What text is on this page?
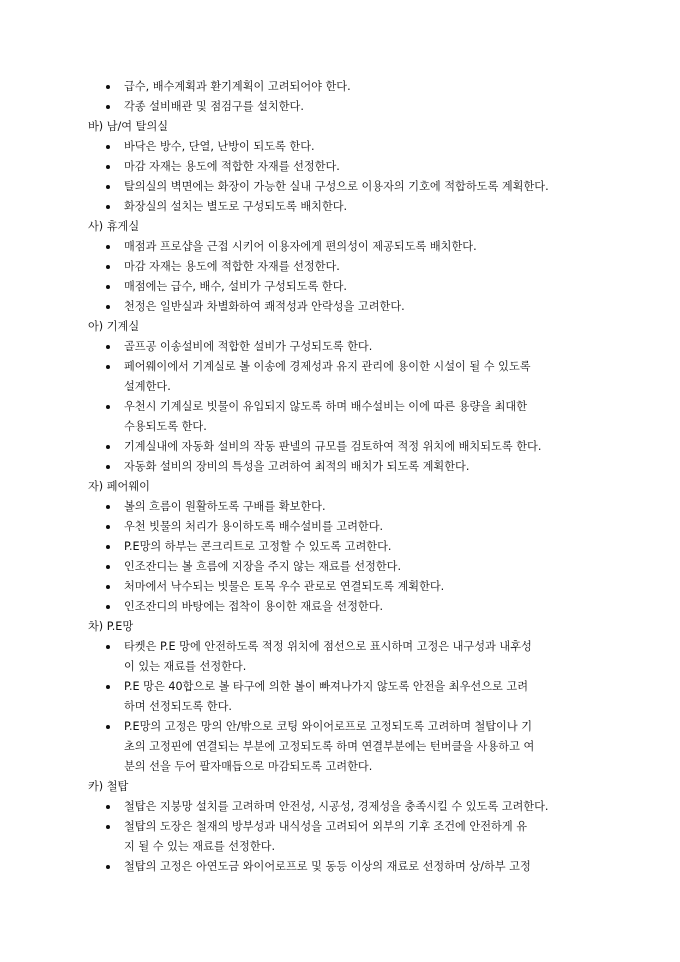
급수, 배수계획과 환기계획이 고려되어야 한다.
각종 설비배관 및 점검구를 설치한다.
바) 남/여 탈의실
바닥은 방수, 단열, 난방이 되도록 한다.
마감 자재는 용도에 적합한 자재를 선정한다.
탈의실의 벽면에는 화장이 가능한 실내 구성으로 이용자의 기호에 적합하도록 계획한다.
화장실의 설치는 별도로 구성되도록 배치한다.
사) 휴게실
매점과 프로샵을 근접 시키어 이용자에게 편의성이 제공되도록 배치한다.
마감 자재는 용도에 적합한 자재를 선정한다.
매점에는 급수, 배수, 설비가 구성되도록 한다.
천정은 일반실과 차별화하여 쾌적성과 안락성을 고려한다.
아) 기계실
골프공 이송설비에 적합한 설비가 구성되도록 한다.
페어웨이에서 기계실로 볼 이송에 경제성과 유지 관리에 용이한 시설이 될 수 있도록
설계한다.
우천시 기계실로 빗물이 유입되지 않도록 하며 배수설비는 이에 따른 용량을 최대한
수용되도록 한다.
기계실내에 자동화 설비의 작동 판넬의 규모를 검토하여 적정 위치에 배치되도록 한다.
자동화 설비의 장비의 특성을 고려하여 최적의 배치가 되도록 계획한다.
자) 페어웨이
볼의 흐름이 원활하도록 구배를 확보한다.
우천 빗물의 처리가 용이하도록 배수설비를 고려한다.
P.E망의 하부는 콘크리트로 고정할 수 있도록 고려한다.
인조잔디는 볼 흐름에 지장을 주지 않는 재료를 선정한다.
처마에서 낙수되는 빗물은 토목 우수 관로로 연결되도록 계획한다.
인조잔디의 바탕에는 접착이 용이한 재료을 선정한다.
차) P.E망
타켓은 P.E 망에 안전하도록 적정 위치에 점선으로 표시하며 고정은 내구성과 내후성
이 있는 재료를 선정한다.
P.E 망은 40합으로 볼 타구에 의한 볼이 빠져나가지 않도록 안전을 최우선으로 고려
하며 선정되도록 한다.
P.E망의 고정은 망의 안/밖으로 코팅 와이어로프로 고정되도록 고려하며 철탑이나 기
초의 고정핀에 연결되는 부분에 고정되도록 하며 연결부분에는 턴버클을 사용하고 여
분의 선을 두어 팔자매듭으로 마감되도록 고려한다.
카) 철탑
철탑은 지붕망 설치를 고려하며 안전성, 시공성, 경제성을 충족시킬 수 있도록 고려한다.
철탑의 도장은 철재의 방부성과 내식성을 고려되어 외부의 기후 조건에 안전하게 유
지 될 수 있는 재료를 선정한다.
철탑의 고정은 아연도금 와이어로프로 및 동등 이상의 재료로 선정하며 상/하부 고정
